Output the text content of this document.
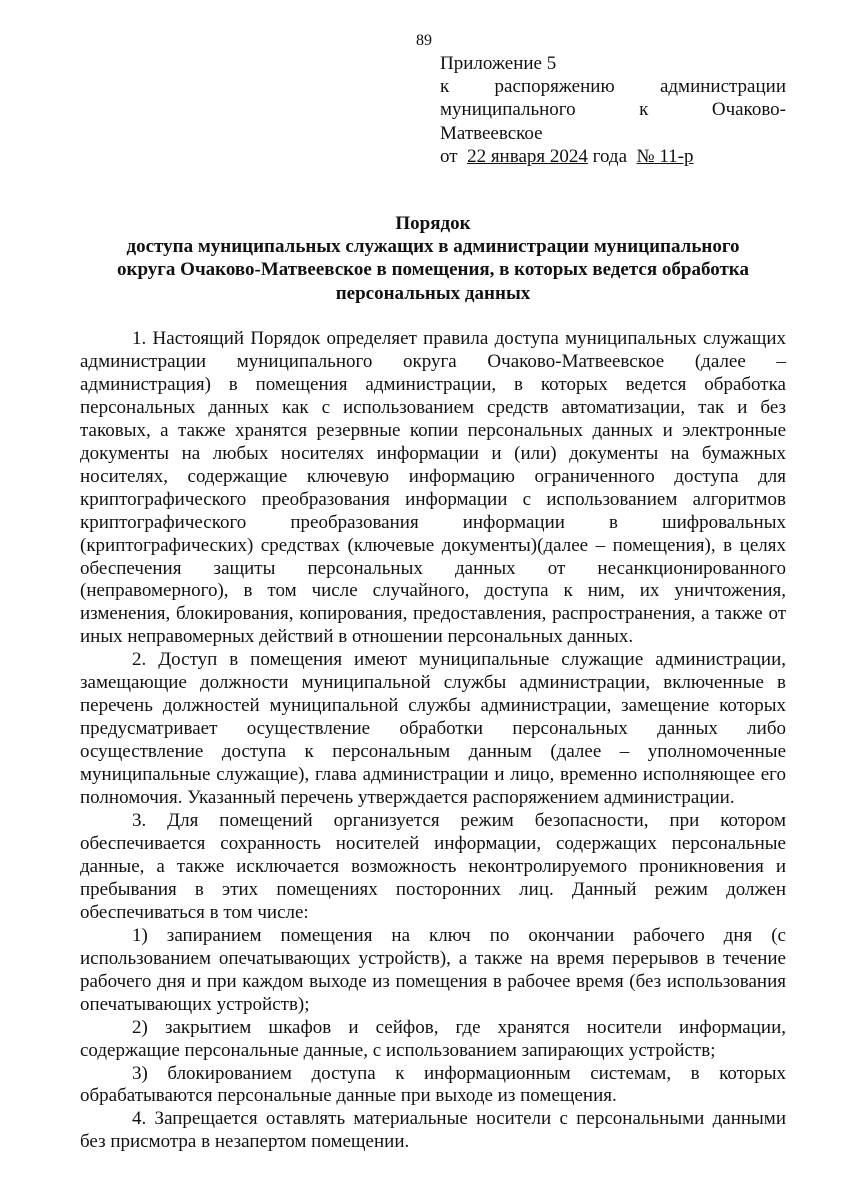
89
Приложение 5
к распоряжению администрации
муниципального	к	Очаково-
Матвеевское
от 22 января 2024 года № 11-р
Порядок
доступа муниципальных служащих в администрации муниципального
округа Очаково-Матвеевское в помещения, в которых ведется обработка
персональных данных

1. Настоящий Порядок определяет правила доступа муниципальных служащих администрации муниципального округа Очаково-Матвеевское (далее – администрация) в помещения администрации, в которых ведется обработка персональных данных как с использованием средств автоматизации, так и без таковых, а также хранятся резервные копии персональных данных и электронные документы на любых носителях информации и (или) документы на бумажных носителях, содержащие ключевую информацию ограниченного доступа для криптографического преобразования информации с использованием алгоритмов криптографического преобразования информации в шифровальных (криптографических) средствах (ключевые документы)(далее – помещения), в целях обеспечения защиты персональных данных от несанкционированного (неправомерного), в том числе случайного, доступа к ним, их уничтожения, изменения, блокирования, копирования, предоставления, распространения, а также от иных неправомерных действий в отношении персональных данных.

2. Доступ в помещения имеют муниципальные служащие администрации, замещающие должности муниципальной службы администрации, включенные в перечень должностей муниципальной службы администрации, замещение которых предусматривает осуществление обработки персональных данных либо осуществление доступа к персональным данным (далее – уполномоченные муниципальные служащие), глава администрации и лицо, временно исполняющее его полномочия. Указанный перечень утверждается распоряжением администрации.

3. Для помещений организуется режим безопасности, при котором обеспечивается сохранность носителей информации, содержащих персональные данные, а также исключается возможность неконтролируемого проникновения и пребывания в этих помещениях посторонних лиц. Данный режим должен обеспечиваться в том числе:

1) запиранием помещения на ключ по окончании рабочего дня (с использованием опечатывающих устройств), а также на время перерывов в течение рабочего дня и при каждом выходе из помещения в рабочее время (без использования опечатывающих устройств);

2) закрытием шкафов и сейфов, где хранятся носители информации, содержащие персональные данные, с использованием запирающих устройств;

3) блокированием доступа к информационным системам, в которых обрабатываются персональные данные при выходе из помещения.

4. Запрещается оставлять материальные носители с персональными данными без присмотра в незапертом помещении.
